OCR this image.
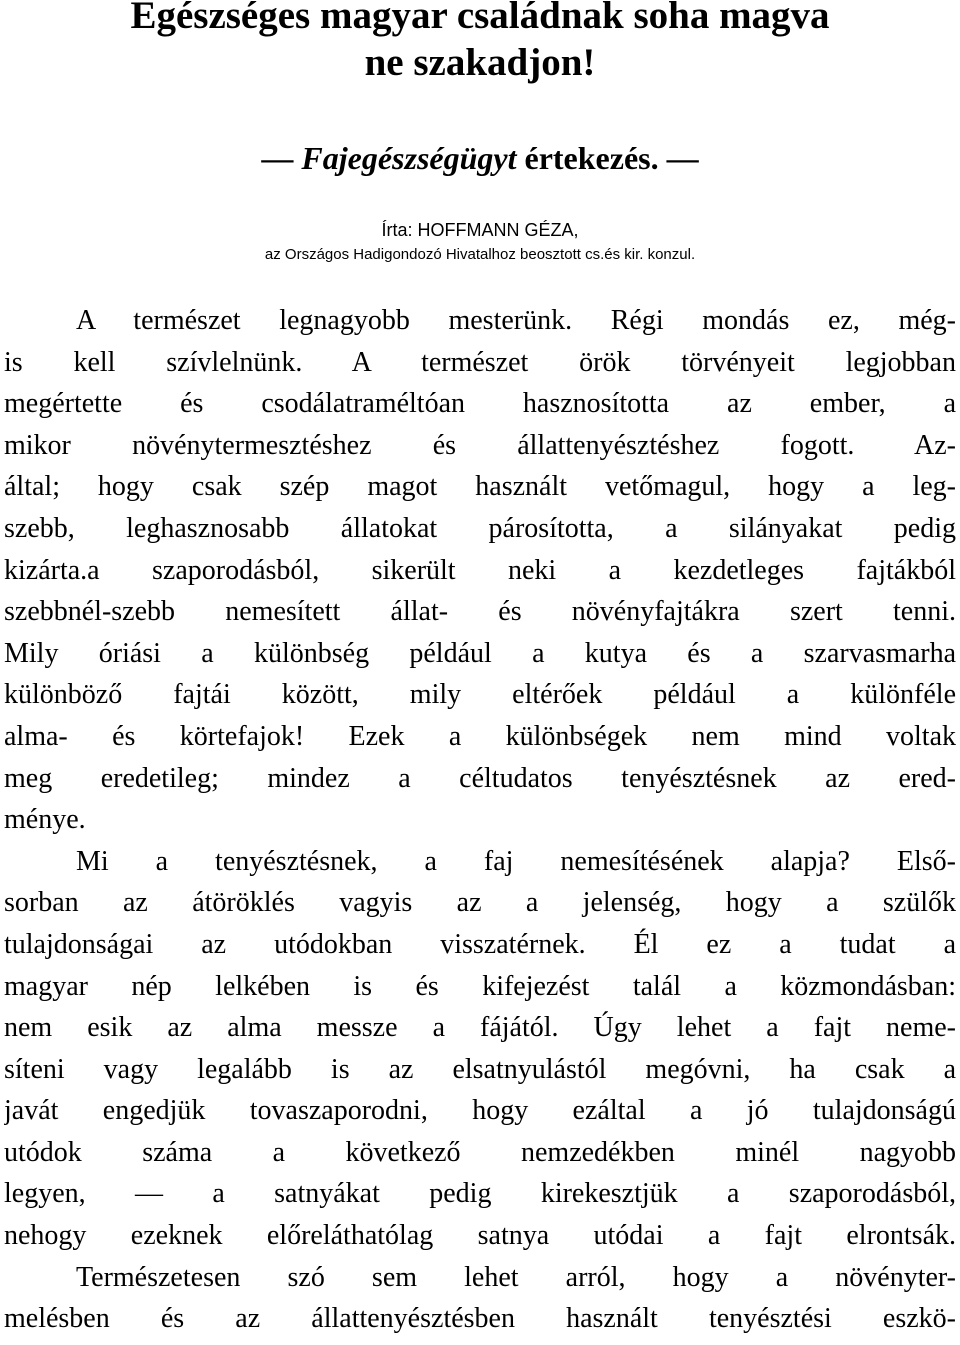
Egészséges magyar családnak soha magva
ne szakadjon!
— Fajegészségügyt értekezés. —

Írta: HOFFMANN GÉZA,

az Országos Hadigondozó Hivatalhoz beosztott cs.és kir. konzul.

A természet legnagyobb mesterünk. Régi mondás ez, még-
is kell szívlelnünk. A természet örök törvényeit legjobban
megértette és csodálatraméltóan hasznosította az ember, a
mikor növénytermesztéshez és állattenyésztéshez fogott. Az-
által; hogy csak szép magot használt vetőmagul, hogy a leg-
szebb, leghasznosabb állatokat párosította, a silányakat pedig
kizárta.a szaporodásból, sikerült neki a kezdetleges fajtákból
szebbnél-szebb nemesített állat- és növényfajtákra szert tenni.
Mily óriási a különbség például a kutya és a szarvasmarha
különböző fajtái között, mily eltérőek például a különféle
alma- és körtefajok! Ezek a különbségek nem mind voltak
meg eredetileg; mindez a céltudatos tenyésztésnek az ered-
ménye.
Mi a tenyésztésnek, a faj nemesítésének alapja? Első-
sorban az átöröklés vagyis az a jelenség, hogy a szülők
tulajdonságai az utódokban visszatérnek. Él ez a tudat a
magyar nép lelkében is és kifejezést talál a közmondásban:
nem esik az alma messze a fájától. Úgy lehet a fajt neme-
síteni vagy legalább is az elsatnyulástól megóvni, ha csak a
javát engedjük tovaszaporodni, hogy ezáltal a jó tulajdonságú
utódok száma a következő nemzedékben minél nagyobb
legyen, — a satnyákat pedig kirekesztjük a szaporodásból,
nehogy ezeknek előreláthatólag satnya utódai a fajt elrontsák.
Természetesen szó sem lehet arról, hogy a növényter-
melésben és az állattenyésztésben használt tenyésztési eszkö-
